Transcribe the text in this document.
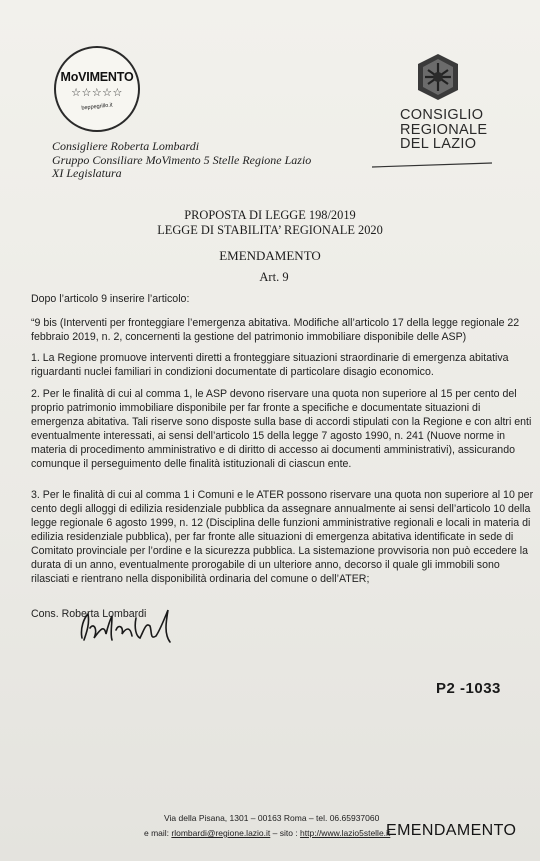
MoVIMENTO
☆☆☆☆☆
beppegrillo.it	CONSIGLIO
REGIONALE
DEL LAZIO
Consigliere Roberta Lombardi
Gruppo Consiliare MoVimento 5 Stelle Regione Lazio
XI Legislatura
PROPOSTA DI LEGGE 198/2019
LEGGE DI STABILITA’ REGIONALE 2020
EMENDAMENTO
Art. 9
Dopo l’articolo 9 inserire l’articolo:
“9 bis (Interventi per fronteggiare l’emergenza abitativa. Modifiche all’articolo 17 della legge regionale 22
febbraio 2019, n. 2, concernenti la gestione del patrimonio immobiliare disponibile delle ASP)
1. La Regione promuove interventi diretti a fronteggiare situazioni straordinarie di emergenza abitativa
riguardanti nuclei familiari in condizioni documentate di particolare disagio economico.
2. Per le finalità di cui al comma 1, le ASP devono riservare una quota non superiore al 15 per cento del
proprio patrimonio immobiliare disponibile per far fronte a specifiche e documentate situazioni di
emergenza abitativa. Tali riserve sono disposte sulla base di accordi stipulati con la Regione e con altri enti
eventualmente interessati, ai sensi dell’articolo 15 della legge 7 agosto 1990, n. 241 (Nuove norme in
materia di procedimento amministrativo e di diritto di accesso ai documenti amministrativi), assicurando
comunque il perseguimento delle finalità istituzionali di ciascun ente.
3. Per le finalità di cui al comma 1 i Comuni e le ATER possono riservare una quota non superiore al 10 per
cento degli alloggi di edilizia residenziale pubblica da assegnare annualmente ai sensi dell’articolo 10 della
legge regionale 6 agosto 1999, n. 12 (Disciplina delle funzioni amministrative regionali e locali in materia di
edilizia residenziale pubblica), per far fronte alle situazioni di emergenza abitativa identificate in sede di
Comitato provinciale per l’ordine e la sicurezza pubblica. La sistemazione provvisoria non può eccedere la
durata di un anno, eventualmente prorogabile di un ulteriore anno, decorso il quale gli immobili sono
rilasciati e rientrano nella disponibilità ordinaria del comune o dell’ATER;
Cons. Roberta Lombardi
P2 -1033
Via della Pisana, 1301 – 00163 Roma – tel. 06.65937060
e mail: rlombardi@regione.lazio.it – sito : http://www.lazio5stelle.it
EMENDAMENTO
